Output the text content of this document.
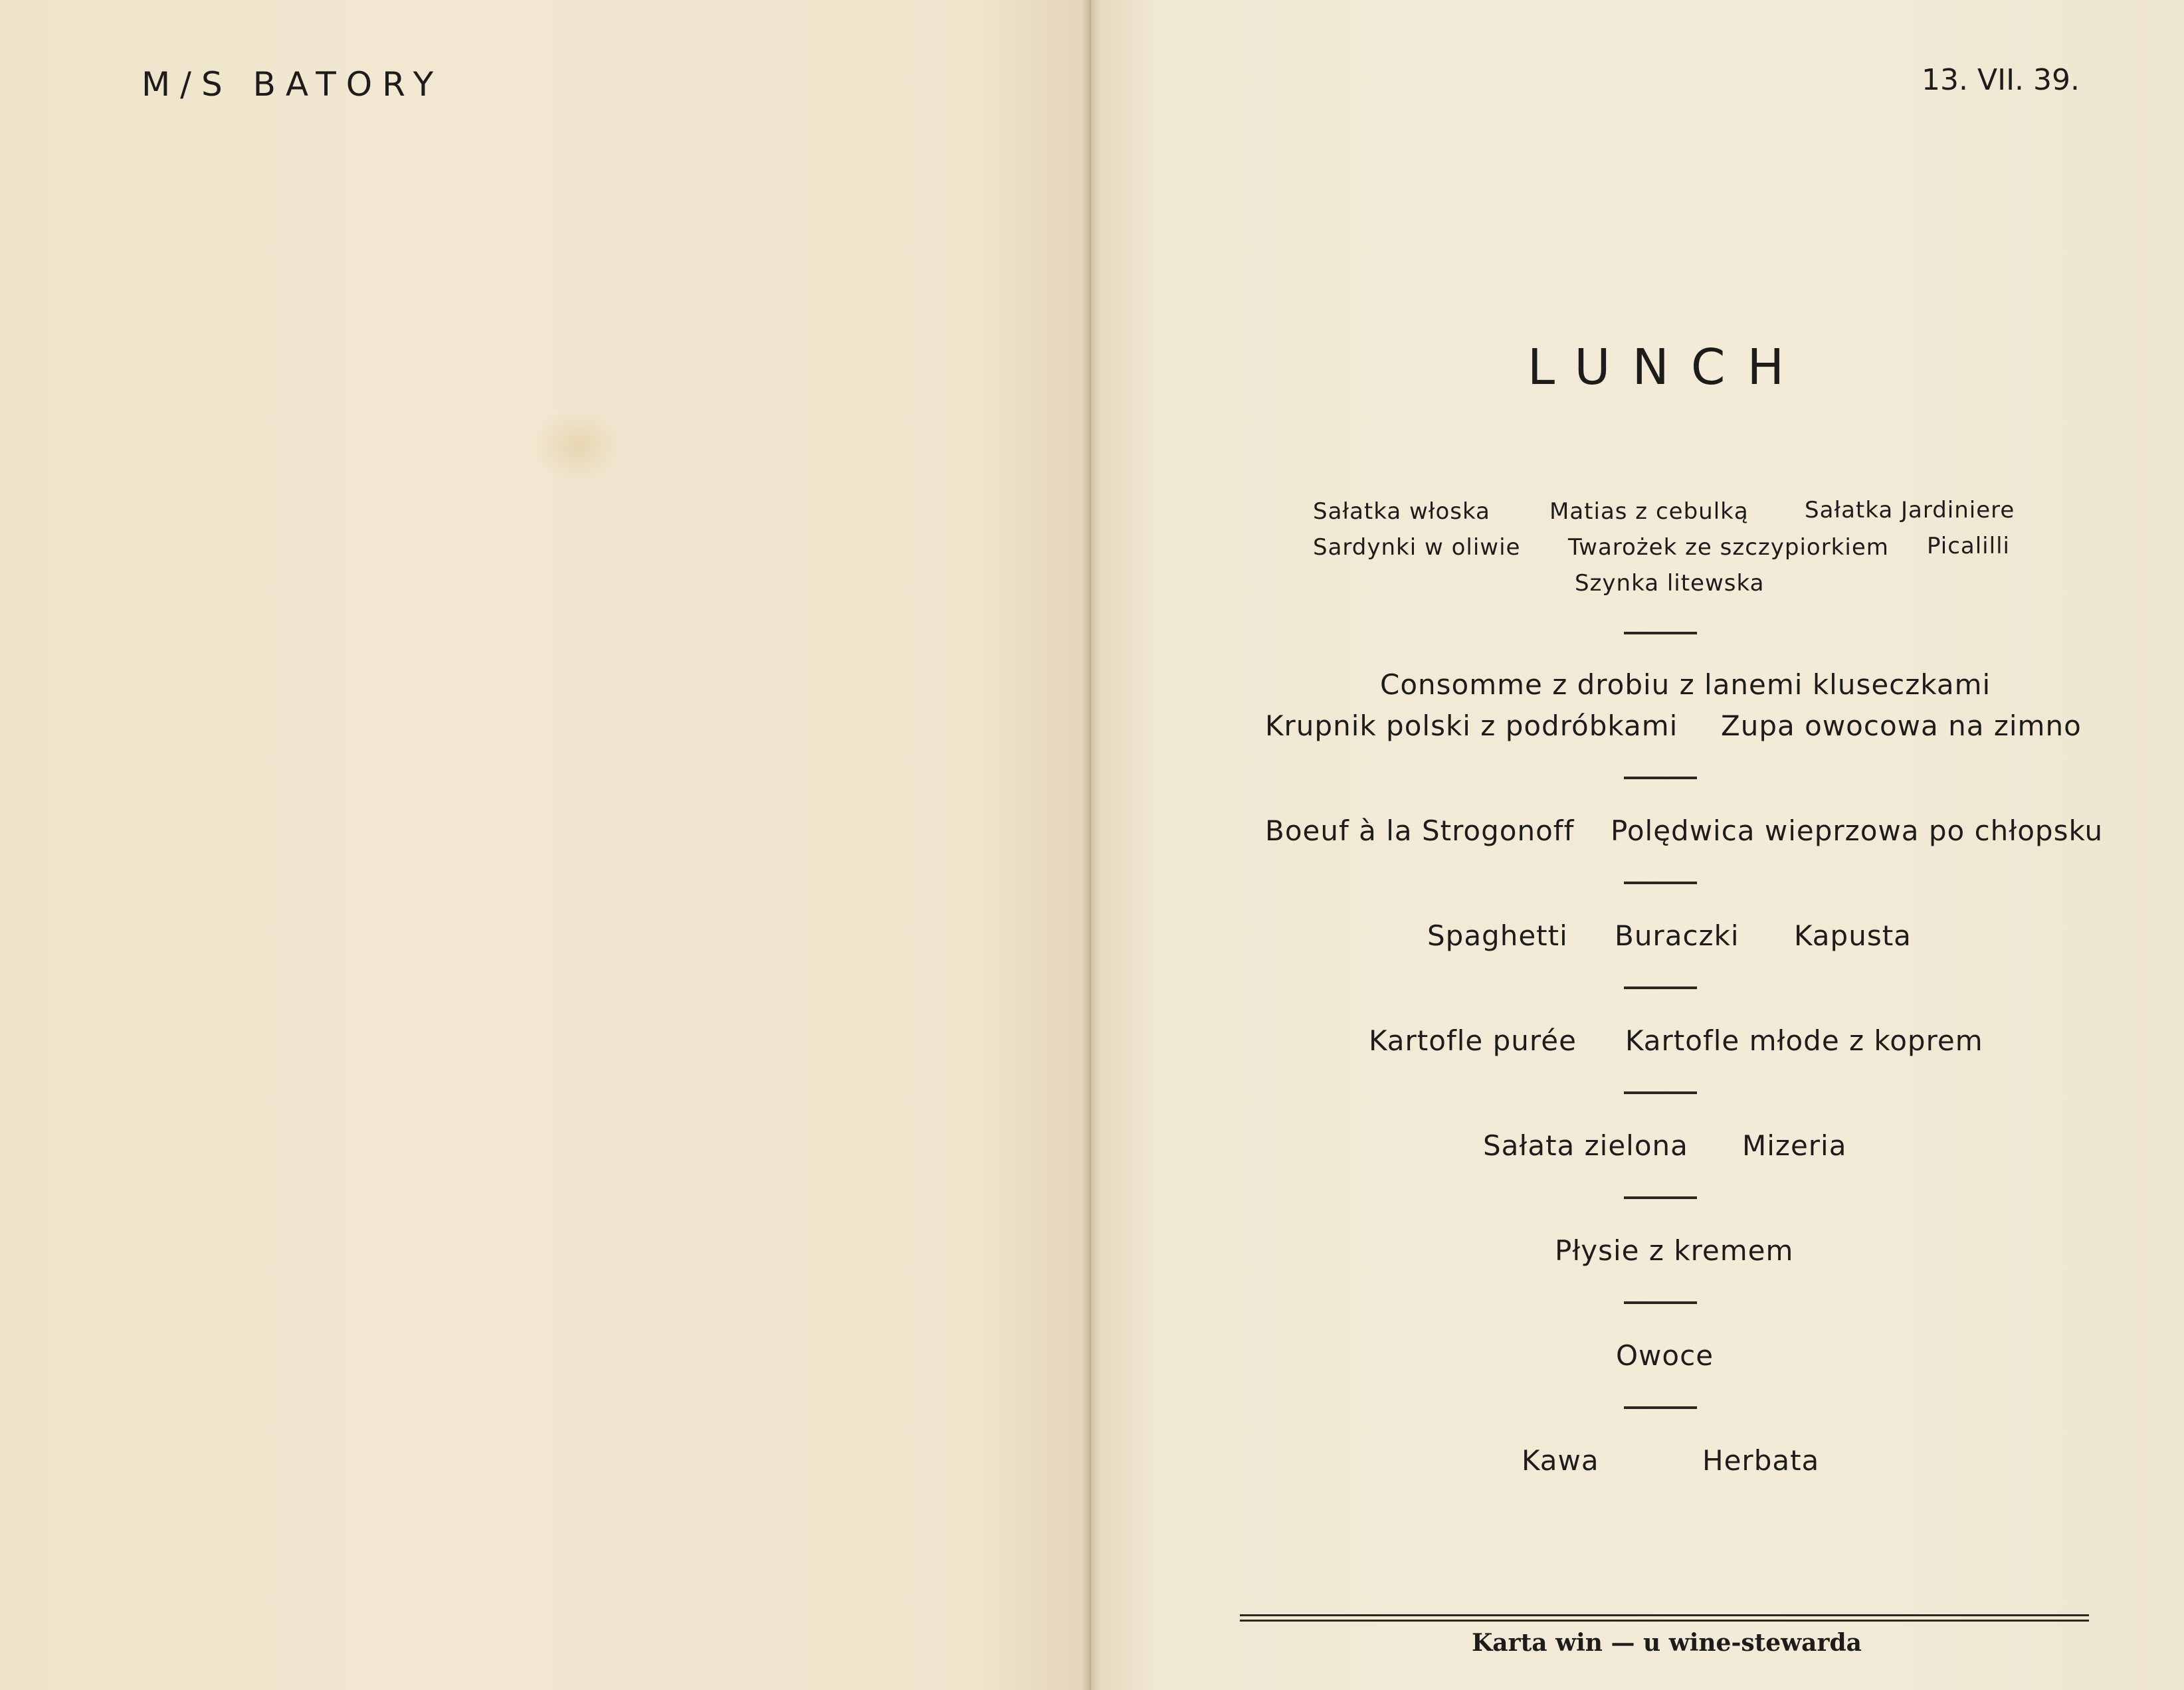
M/S BATORY	13. VII. 39.
LUNCH
Sałatka włoska	Matias z cebulką Sałatka Jardiniere
Sardynki w oliwie Twarożek ze szczypiorkiem Picalilli
Szynka litewska
Consomme z drobiu z lanemi kluseczkami
Krupnik polski z podróbkami Zupa owocowa na zimno
Boeuf à la Strogonoff Polędwica wieprzowa po chłopsku
Spaghetti Buraczki Kapusta
Kartofle purée Kartofle młode z koprem
Sałata zielona Mizeria
Płysie z kremem
Owoce
Kawa	Herbata
Karta win — u wine-stewarda
